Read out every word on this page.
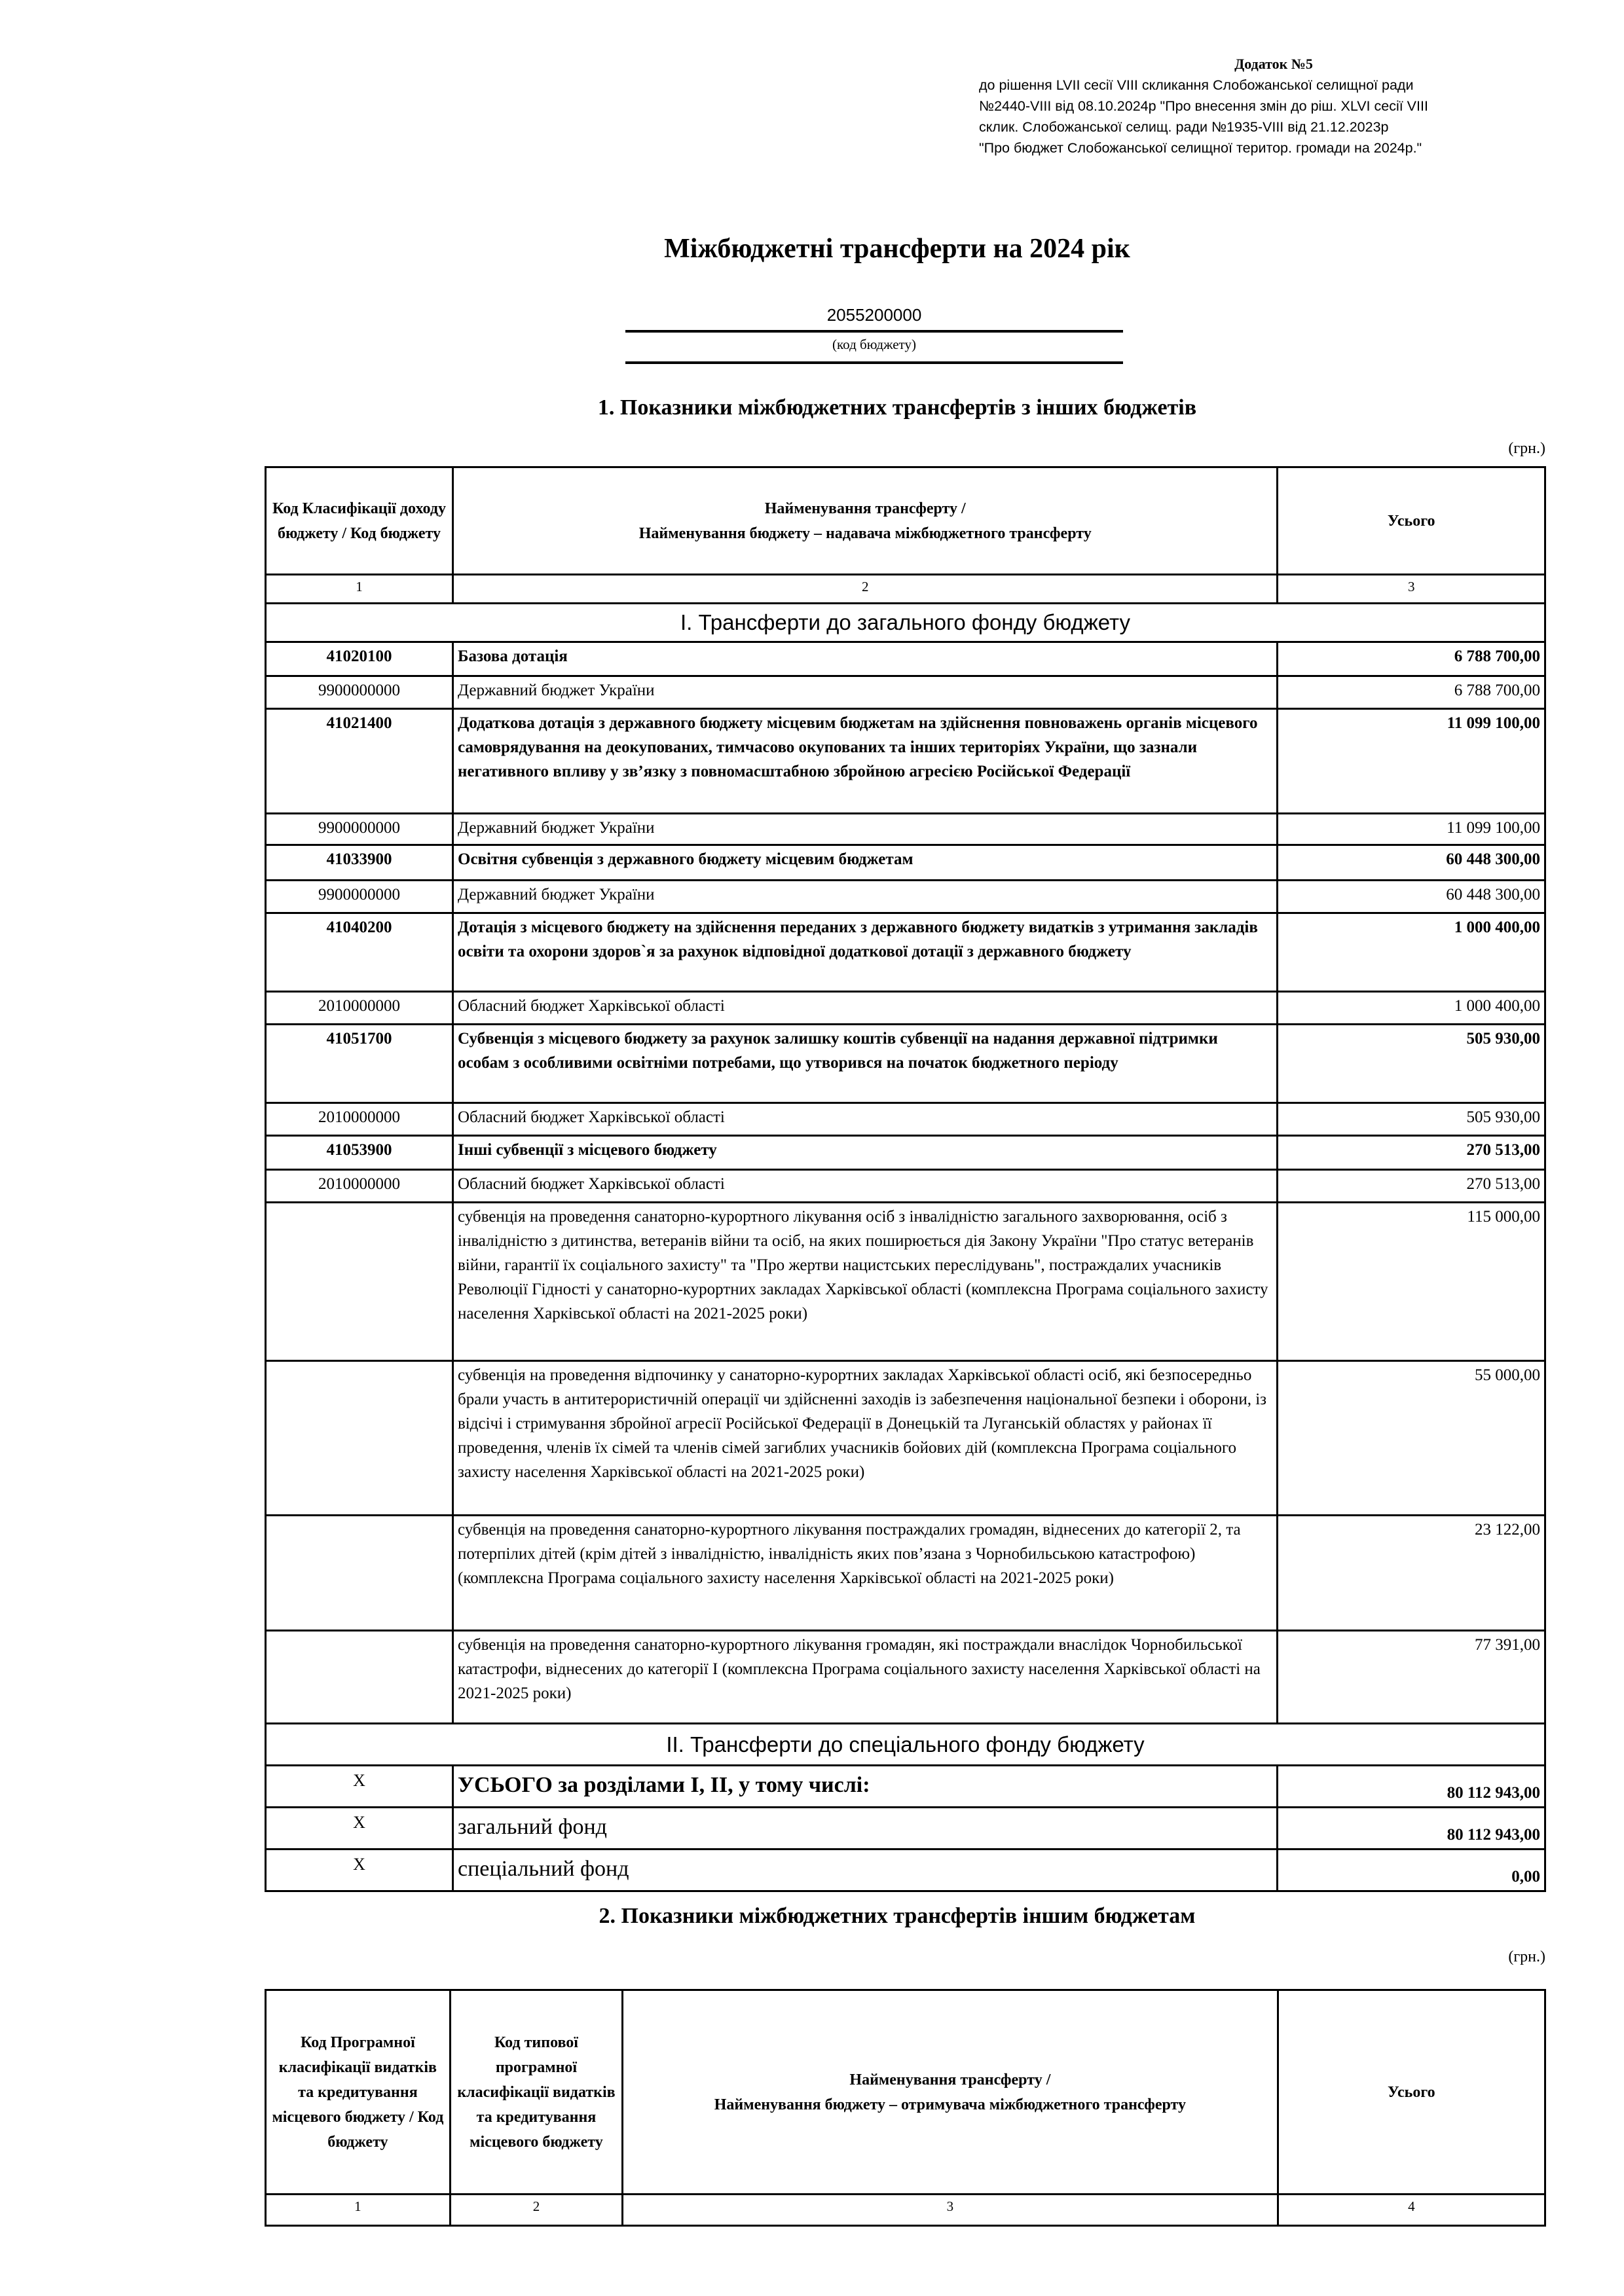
Додаток №5
до рішення LVII сесії VIII скликання Слобожанської селищної ради
№2440-VIII від 08.10.2024р "Про внесення змін до ріш. XLVI сесії VIII
склик. Слобожанської селищ. ради №1935-VIII від 21.12.2023р
"Про бюджет Слобожанської селищної територ. громади на 2024р."
Міжбюджетні трансферти на 2024 рік
2055200000
(код бюджету)
1. Показники міжбюджетних трансфертів з інших бюджетів
(грн.)
Код Класифікації доходу бюджету / Код бюджету	Найменування трансферту /
Найменування бюджету – надавача міжбюджетного трансферту	Усього
1	2	3
I. Трансферти до загального фонду бюджету		
41020100	Базова дотація	6 788 700,00
9900000000	Державний бюджет України	6 788 700,00
41021400	Додаткова дотація з державного бюджету місцевим бюджетам на здійснення повноважень органів місцевого самоврядування на деокупованих, тимчасово окупованих та інших територіях України, що зазнали негативного впливу у зв’язку з повномасштабною збройною агресією Російської Федерації	11 099 100,00
9900000000	Державний бюджет України	11 099 100,00
41033900	Освітня субвенція з державного бюджету місцевим бюджетам	60 448 300,00
9900000000	Державний бюджет України	60 448 300,00
41040200	Дотація з місцевого бюджету на здійснення переданих з державного бюджету видатків з утримання закладів освіти та охорони здоров`я за рахунок відповідної додаткової дотації з державного бюджету	1 000 400,00
2010000000	Обласний бюджет Харківської області	1 000 400,00
41051700	Субвенція з місцевого бюджету за рахунок залишку коштів субвенції на надання державної підтримки особам з особливими освітніми потребами, що утворився на початок бюджетного періоду	505 930,00
2010000000	Обласний бюджет Харківської області	505 930,00
41053900	Інші субвенції з місцевого бюджету	270 513,00
2010000000	Обласний бюджет Харківської області	270 513,00
	субвенція на проведення санаторно-курортного лікування осіб з інвалідністю загального захворювання, осіб з інвалідністю з дитинства, ветеранів війни та осіб, на яких поширюється дія Закону України "Про статус ветеранів війни, гарантії їх соціального захисту" та "Про жертви нацистських переслідувань", постраждалих учасників Революції Гідності у санаторно-курортних закладах Харківської області (комплексна Програма соціального захисту населення Харківської області на 2021-2025 роки)	115 000,00
	субвенція на проведення відпочинку у санаторно-курортних закладах Харківської області осіб, які безпосередньо брали участь в антитерористичній операції чи здійсненні заходів із забезпечення національної безпеки і оборони, із відсічі і стримування збройної агресії Російської Федерації в Донецькій та Луганській областях у районах її проведення, членів їх сімей та членів сімей загиблих учасників бойових дій (комплексна Програма соціального захисту населення Харківської області на 2021-2025 роки)	55 000,00
	субвенція на проведення санаторно-курортного лікування постраждалих громадян, віднесених до категорії 2, та потерпілих дітей (крім дітей з інвалідністю, інвалідність яких пов’язана з Чорнобильською катастрофою) (комплексна Програма соціального захисту населення Харківської області на 2021-2025 роки)	23 122,00
	субвенція на проведення санаторно-курортного лікування громадян, які постраждали внаслідок Чорнобильської катастрофи, віднесених до категорії I (комплексна Програма соціального захисту населення Харківської області на 2021-2025 роки)	77 391,00
II. Трансферти до спеціального фонду бюджету		
X	УСЬОГО за розділами I, II, у тому числі:	80 112 943,00
X	загальний фонд	80 112 943,00
X	спеціальний фонд	0,00
2. Показники міжбюджетних трансфертів іншим бюджетам
(грн.)
Код Програмної класифікації видатків та кредитування місцевого бюджету / Код бюджету	Код типової програмної класифікації видатків та кредитування місцевого бюджету	Найменування трансферту /
Найменування бюджету – отримувача міжбюджетного трансферту	Усього
1	2	3	4
